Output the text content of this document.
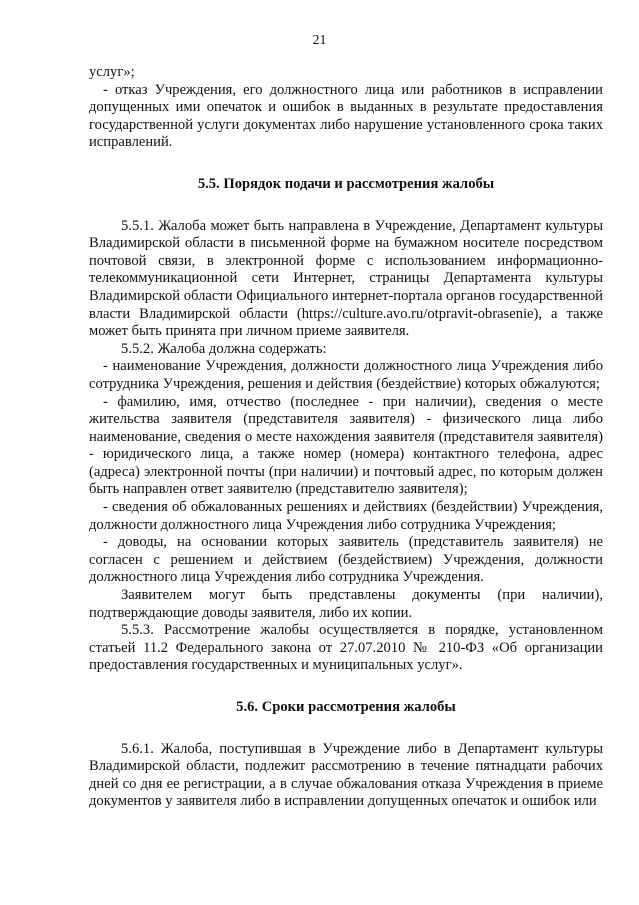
21

услуг»;

- отказ Учреждения, его должностного лица или работников в исправлении допущенных ими опечаток и ошибок в выданных в результате предоставления государственной услуги документах либо нарушение установленного срока таких исправлений.

5.5. Порядок подачи и рассмотрения жалобы

5.5.1. Жалоба может быть направлена в Учреждение, Департамент культуры Владимирской области в письменной форме на бумажном носителе посредством почтовой связи, в электронной форме с использованием информационно-телекоммуникационной сети Интернет, страницы Департамента культуры Владимирской области Официального интернет-портала органов государственной власти Владимирской области (https://culture.avo.ru/otpravit-obrasenie), а также может быть принята при личном приеме заявителя.

5.5.2. Жалоба должна содержать:

- наименование Учреждения, должности должностного лица Учреждения либо сотрудника Учреждения, решения и действия (бездействие) которых обжалуются;

- фамилию, имя, отчество (последнее - при наличии), сведения о месте жительства заявителя (представителя заявителя) - физического лица либо наименование, сведения о месте нахождения заявителя (представителя заявителя) - юридического лица, а также номер (номера) контактного телефона, адрес (адреса) электронной почты (при наличии) и почтовый адрес, по которым должен быть направлен ответ заявителю (представителю заявителя);

- сведения об обжалованных решениях и действиях (бездействии) Учреждения, должности должностного лица Учреждения либо сотрудника Учреждения;

- доводы, на основании которых заявитель (представитель заявителя) не согласен с решением и действием (бездействием) Учреждения, должности должностного лица Учреждения либо сотрудника Учреждения.

Заявителем могут быть представлены документы (при наличии), подтверждающие доводы заявителя, либо их копии.

5.5.3. Рассмотрение жалобы осуществляется в порядке, установленном статьей 11.2 Федерального закона от 27.07.2010 № 210-ФЗ «Об организации предоставления государственных и муниципальных услуг».

5.6. Сроки рассмотрения жалобы

5.6.1. Жалоба, поступившая в Учреждение либо в Департамент культуры Владимирской области, подлежит рассмотрению в течение пятнадцати рабочих дней со дня ее регистрации, а в случае обжалования отказа Учреждения в приеме документов у заявителя либо в исправлении допущенных опечаток и ошибок или
